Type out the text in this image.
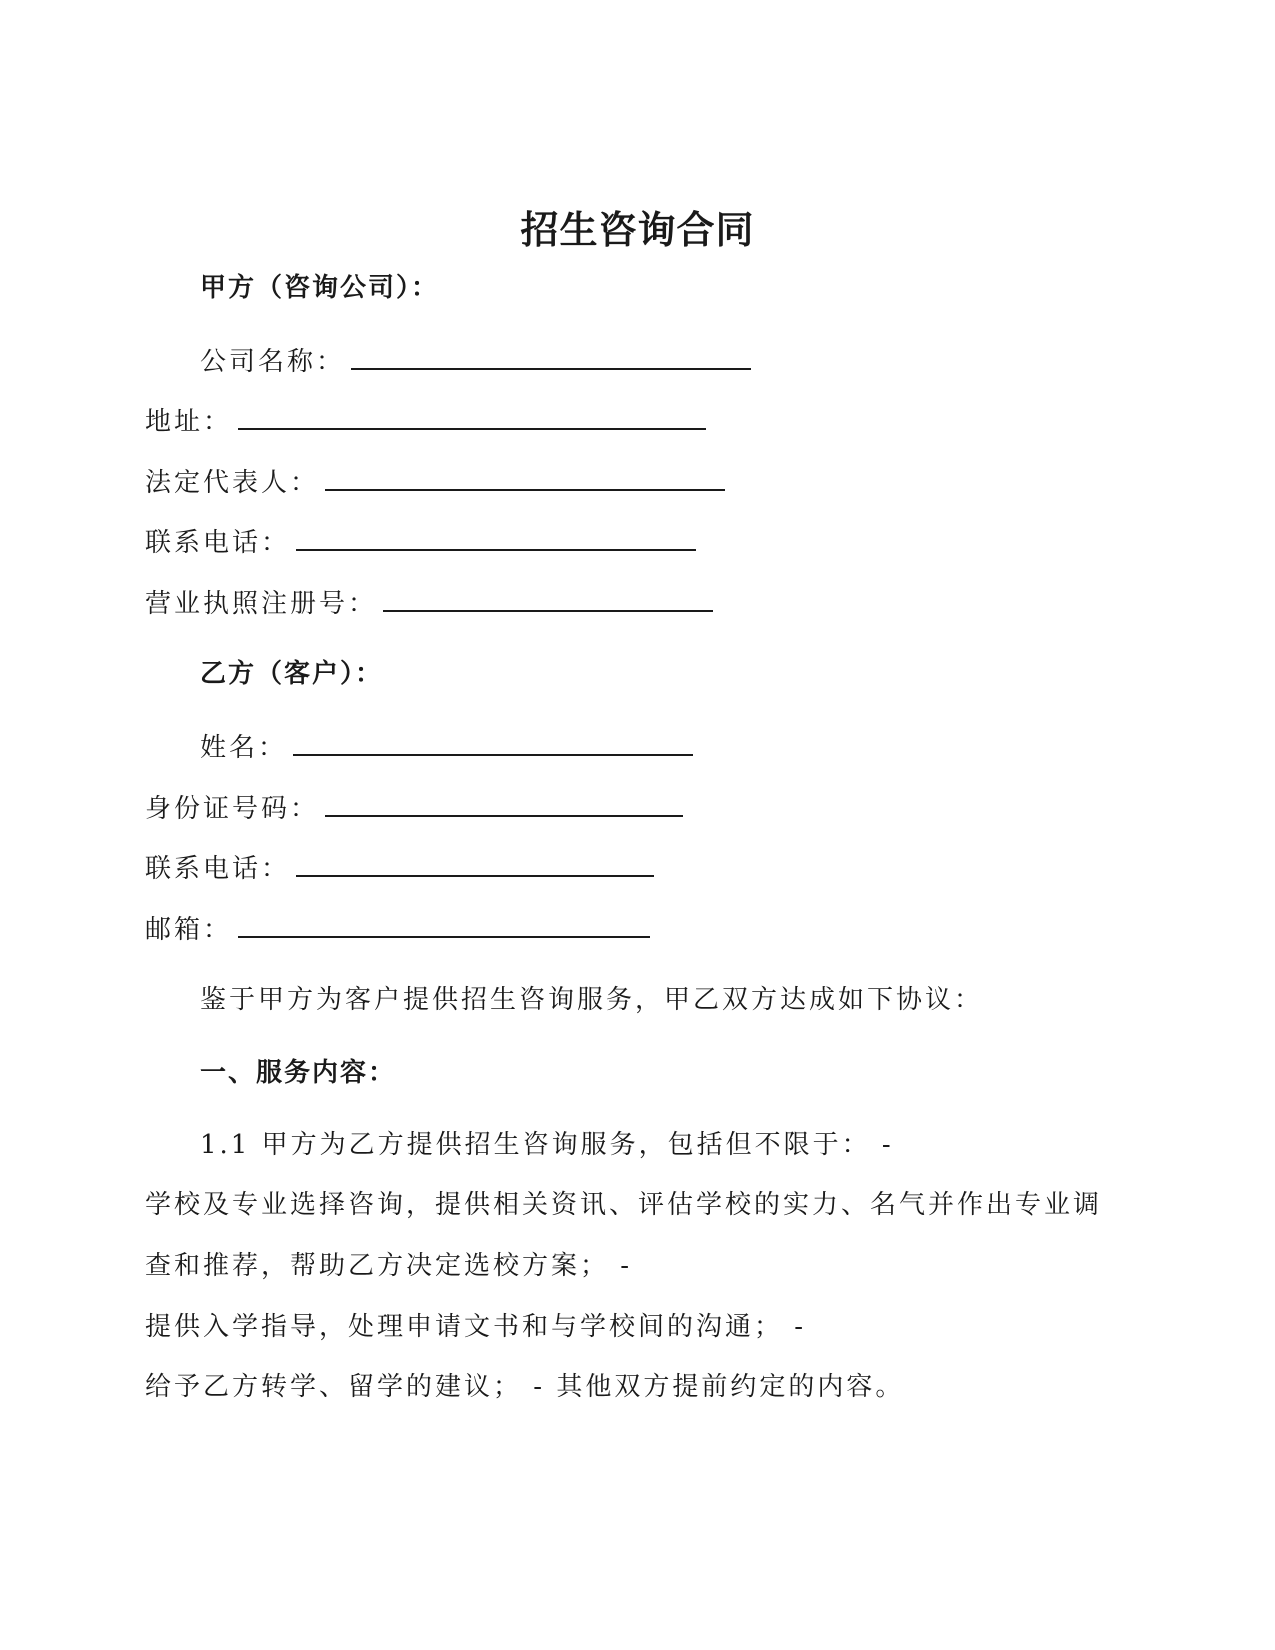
招生咨询合同
甲方（咨询公司）：
公司名称：
地址：
法定代表人：
联系电话：
营业执照注册号：
乙方（客户）：
姓名：
身份证号码：
联系电话：
邮箱：
鉴于甲方为客户提供招生咨询服务，甲乙双方达成如下协议：
一、服务内容：
1.1 甲方为乙方提供招生咨询服务，包括但不限于： -
学校及专业选择咨询，提供相关资讯、评估学校的实力、名气并作出专业调
查和推荐，帮助乙方决定选校方案； -
提供入学指导，处理申请文书和与学校间的沟通； -
给予乙方转学、留学的建议； - 其他双方提前约定的内容。
